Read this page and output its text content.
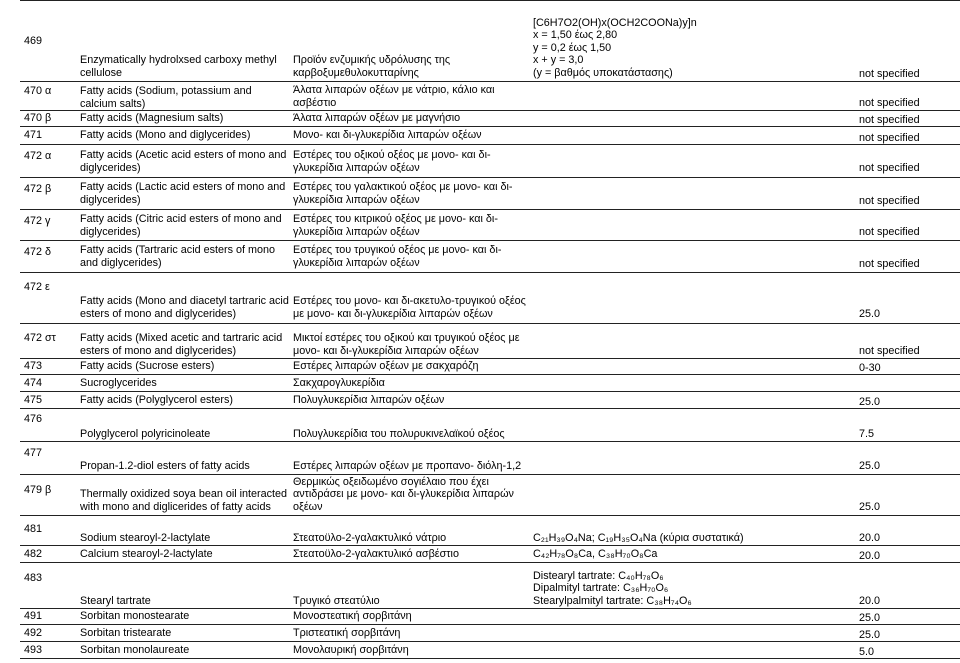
469	Enzymatically hydrolxsed carboxy methyl cellulose	Προϊόν ενζυμικής υδρόλυσης της καρβοξυμεθυλοκυτταρίνης	[C6H7O2(OH)x(OCH2COONa)y]n
x = 1,50 έως 2,80
y = 0,2 έως 1,50
x + y = 3,0
(y = βαθμός υποκατάστασης)	not specified
470 α	Fatty acids (Sodium, potassium and calcium salts)	Άλατα λιπαρών οξέων με νάτριο, κάλιο και ασβέστιο		not specified
470 β	Fatty acids (Magnesium salts)	Άλατα λιπαρών οξέων με μαγνήσιο		not specified
471	Fatty acids (Mono and diglycerides)	Μονο- και δι-γλυκερίδια λιπαρών οξέων		not specified
472 α	Fatty acids (Acetic acid esters of mono and diglycerides)	Εστέρες του οξικού οξέος με μονο- και δι-γλυκερίδια λιπαρών οξέων		not specified
472 β	Fatty acids (Lactic acid esters of mono and diglycerides)	Εστέρες του γαλακτικού οξέος με μονο- και δι-γλυκερίδια λιπαρών οξέων		not specified
472 γ	Fatty acids (Citric acid esters of mono and diglycerides)	Εστέρες του κιτρικού οξέος με μονο- και δι-γλυκερίδια λιπαρών οξέων		not specified
472 δ	Fatty acids (Tartraric acid esters of mono and diglycerides)	Εστέρες του τρυγικού οξέος με μονο- και δι-γλυκερίδια λιπαρών οξέων		not specified
472 ε	Fatty acids (Mono and diacetyl tartraric acid esters of mono and diglycerides)	Εστέρες του μονο- και δι-ακετυλο-τρυγικού οξέος με μονο- και δι-γλυκερίδια λιπαρών οξέων		25.0
472 στ	Fatty acids (Mixed acetic and tartraric acid esters of mono and diglycerides)	Μικτοί εστέρες του οξικού και τρυγικού οξέος με μονο- και δι-γλυκερίδια λιπαρών οξέων		not specified
473	Fatty acids (Sucrose esters)	Εστέρες λιπαρών οξέων με σακχαρόζη		0-30
474	Sucroglycerides	Σακχαρογλυκερίδια		
475	Fatty acids (Polyglycerol esters)	Πολυγλυκερίδια λιπαρών οξέων		25.0
476	Polyglycerol polyricinoleate	Πολυγλυκερίδια του πολυρυκινελαϊκού οξέος		7.5
477	Propan-1.2-diol esters of fatty acids	Εστέρες λιπαρών οξέων με προπανο- διόλη-1,2		25.0
479 β	Thermally oxidized soya bean oil interacted with mono and diglicerides of fatty acids	Θερμικώς οξειδωμένο σογιέλαιο που έχει αντιδράσει με μονο- και δι-γλυκερίδια λιπαρών οξέων		25.0
481	Sodium stearoyl-2-lactylate	Στεατοϋλο-2-γαλακτυλικό νάτριο	C₂₁H₃₉O₄Na; C₁₉H₃₅O₄Na (κύρια συστατικά)	20.0
482	Calcium stearoyl-2-lactylate	Στεατοϋλο-2-γαλακτυλικό ασβέστιο	C₄₂H₇₈O₈Ca, C₃₈H₇₀O₈Ca	20.0
483	Stearyl tartrate	Τρυγικό στεατύλιο	Distearyl tartrate: C₄₀H₇₈O₆
Dipalmityl tartrate: C₃₆H₇₀O₆
Stearylpalmityl tartrate: C₃₈H₇₄O₆	20.0
491	Sorbitan monostearate	Μονοστεατική σορβιτάνη		25.0
492	Sorbitan tristearate	Τριστεατική σορβιτάνη		25.0
493	Sorbitan monolaureate	Μονολαυρική σορβιτάνη		5.0
